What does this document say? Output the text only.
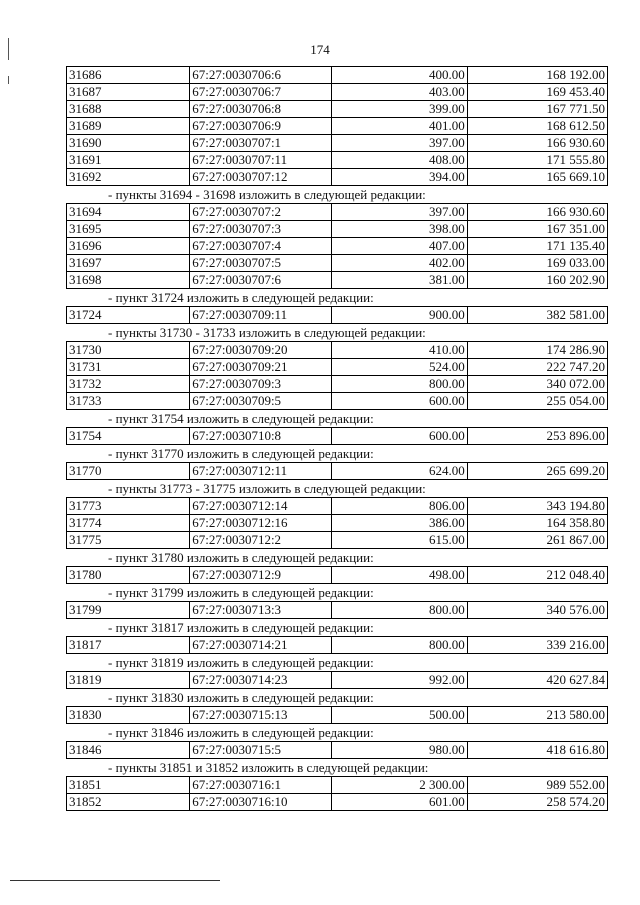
174
31686	67:27:0030706:6	400.00	168 192.00
31687	67:27:0030706:7	403.00	169 453.40
31688	67:27:0030706:8	399.00	167 771.50
31689	67:27:0030706:9	401.00	168 612.50
31690	67:27:0030707:1	397.00	166 930.60
31691	67:27:0030707:11	408.00	171 555.80
31692	67:27:0030707:12	394.00	165 669.10
- пункты 31694 - 31698 изложить в следующей редакции:
31694	67:27:0030707:2	397.00	166 930.60
31695	67:27:0030707:3	398.00	167 351.00
31696	67:27:0030707:4	407.00	171 135.40
31697	67:27:0030707:5	402.00	169 033.00
31698	67:27:0030707:6	381.00	160 202.90
- пункт 31724 изложить в следующей редакции:
31724	67:27:0030709:11	900.00	382 581.00
- пункты 31730 - 31733 изложить в следующей редакции:
31730	67:27:0030709:20	410.00	174 286.90
31731	67:27:0030709:21	524.00	222 747.20
31732	67:27:0030709:3	800.00	340 072.00
31733	67:27:0030709:5	600.00	255 054.00
- пункт 31754 изложить в следующей редакции:
31754	67:27:0030710:8	600.00	253 896.00
- пункт 31770 изложить в следующей редакции:
31770	67:27:0030712:11	624.00	265 699.20
- пункты 31773 - 31775 изложить в следующей редакции:
31773	67:27:0030712:14	806.00	343 194.80
31774	67:27:0030712:16	386.00	164 358.80
31775	67:27:0030712:2	615.00	261 867.00
- пункт 31780 изложить в следующей редакции:
31780	67:27:0030712:9	498.00	212 048.40
- пункт 31799 изложить в следующей редакции:
31799	67:27:0030713:3	800.00	340 576.00
- пункт 31817 изложить в следующей редакции:
31817	67:27:0030714:21	800.00	339 216.00
- пункт 31819 изложить в следующей редакции:
31819	67:27:0030714:23	992.00	420 627.84
- пункт 31830 изложить в следующей редакции:
31830	67:27:0030715:13	500.00	213 580.00
- пункт 31846 изложить в следующей редакции:
31846	67:27:0030715:5	980.00	418 616.80
- пункты 31851 и 31852 изложить в следующей редакции:
31851	67:27:0030716:1	2 300.00	989 552.00
31852	67:27:0030716:10	601.00	258 574.20
